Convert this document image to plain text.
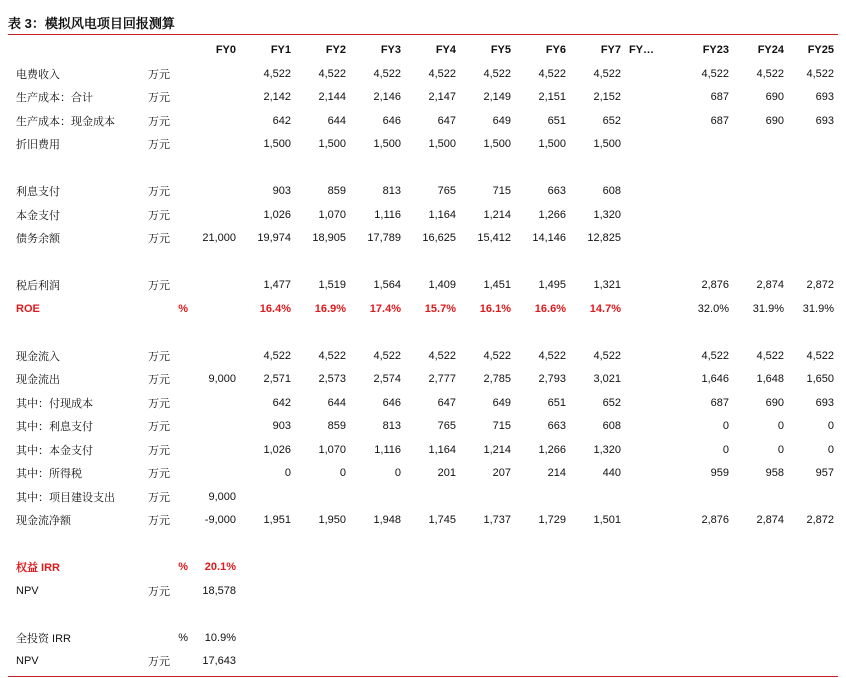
表 3：模拟风电项目回报测算
		FY0	FY1	FY2	FY3	FY4	FY5	FY6	FY7	FY…	FY23	FY24	FY25
电费收入	万元		4,522	4,522	4,522	4,522	4,522	4,522	4,522		4,522	4,522	4,522
生产成本：合计	万元		2,142	2,144	2,146	2,147	2,149	2,151	2,152		687	690	693
生产成本：现金成本	万元		642	644	646	647	649	651	652		687	690	693
折旧费用	万元		1,500	1,500	1,500	1,500	1,500	1,500	1,500				

利息支付	万元		903	859	813	765	715	663	608				
本金支付	万元		1,026	1,070	1,116	1,164	1,214	1,266	1,320				
债务余额	万元	21,000	19,974	18,905	17,789	16,625	15,412	14,146	12,825				

税后利润	万元		1,477	1,519	1,564	1,409	1,451	1,495	1,321		2,876	2,874	2,872
ROE	%		16.4%	16.9%	17.4%	15.7%	16.1%	16.6%	14.7%		32.0%	31.9%	31.9%

现金流入	万元		4,522	4,522	4,522	4,522	4,522	4,522	4,522		4,522	4,522	4,522
现金流出	万元	9,000	2,571	2,573	2,574	2,777	2,785	2,793	3,021		1,646	1,648	1,650
其中：付现成本	万元		642	644	646	647	649	651	652		687	690	693
其中：利息支付	万元		903	859	813	765	715	663	608		0	0	0
其中：本金支付	万元		1,026	1,070	1,116	1,164	1,214	1,266	1,320		0	0	0
其中：所得税	万元		0	0	0	201	207	214	440		959	958	957
其中：项目建设支出	万元	9,000											
现金流净额	万元	-9,000	1,951	1,950	1,948	1,745	1,737	1,729	1,501		2,876	2,874	2,872

权益 IRR	%	20.1%											
NPV	万元	18,578											

全投资 IRR	%	10.9%											
NPV	万元	17,643											
